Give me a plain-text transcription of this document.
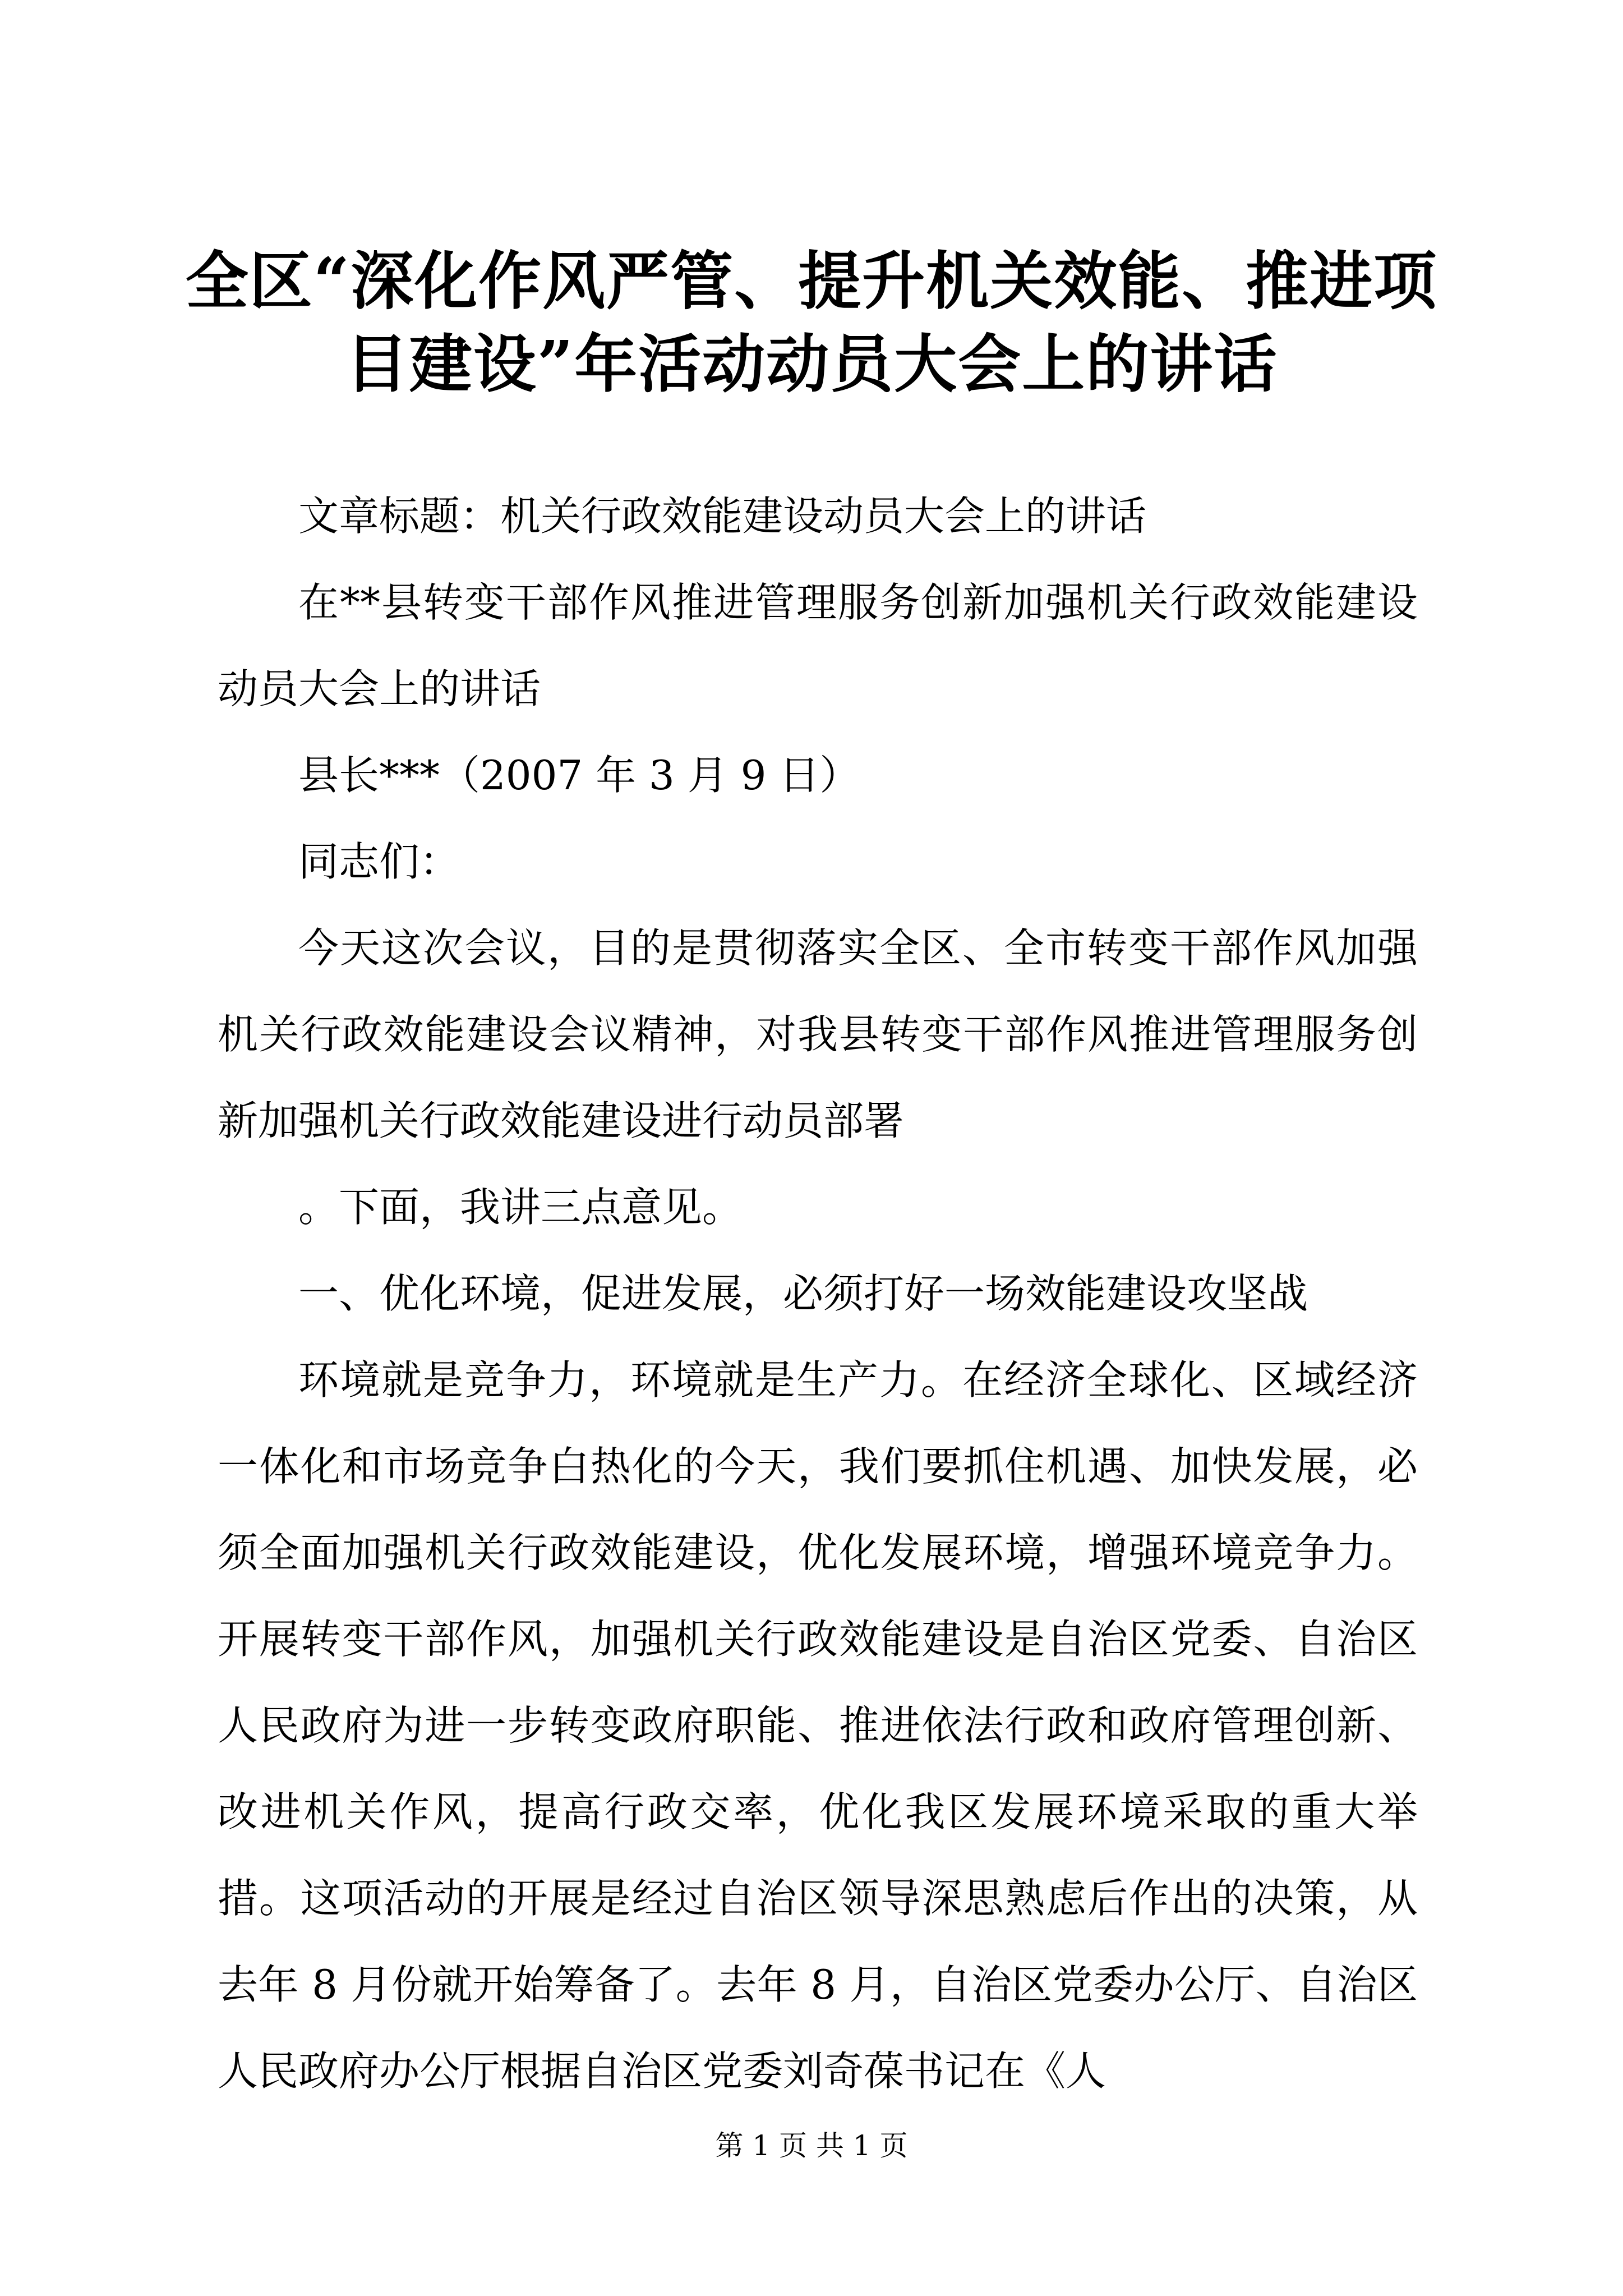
全区“深化作风严管、提升机关效能、推进项
目建设”年活动动员大会上的讲话

文章标题：机关行政效能建设动员大会上的讲话

在**县转变干部作风推进管理服务创新加强机关行政效能建设动员大会上的讲话

县长***（2007 年 3 月 9 日）

同志们：

今天这次会议，目的是贯彻落实全区、全市转变干部作风加强机关行政效能建设会议精神，对我县转变干部作风推进管理服务创新加强机关行政效能建设进行动员部署

。下面，我讲三点意见。

一、优化环境，促进发展，必须打好一场效能建设攻坚战

环境就是竞争力，环境就是生产力。在经济全球化、区域经济一体化和市场竞争白热化的今天，我们要抓住机遇、加快发展，必须全面加强机关行政效能建设，优化发展环境，增强环境竞争力。开展转变干部作风，加强机关行政效能建设是自治区党委、自治区人民政府为进一步转变政府职能、推进依法行政和政府管理创新、改进机关作风，提高行政交率，优化我区发展环境采取的重大举措。这项活动的开展是经过自治区领导深思熟虑后作出的决策，从去年 8 月份就开始筹备了。去年 8 月，自治区党委办公厅、自治区人民政府办公厅根据自治区党委刘奇葆书记在《人

第 1 页 共 1 页
